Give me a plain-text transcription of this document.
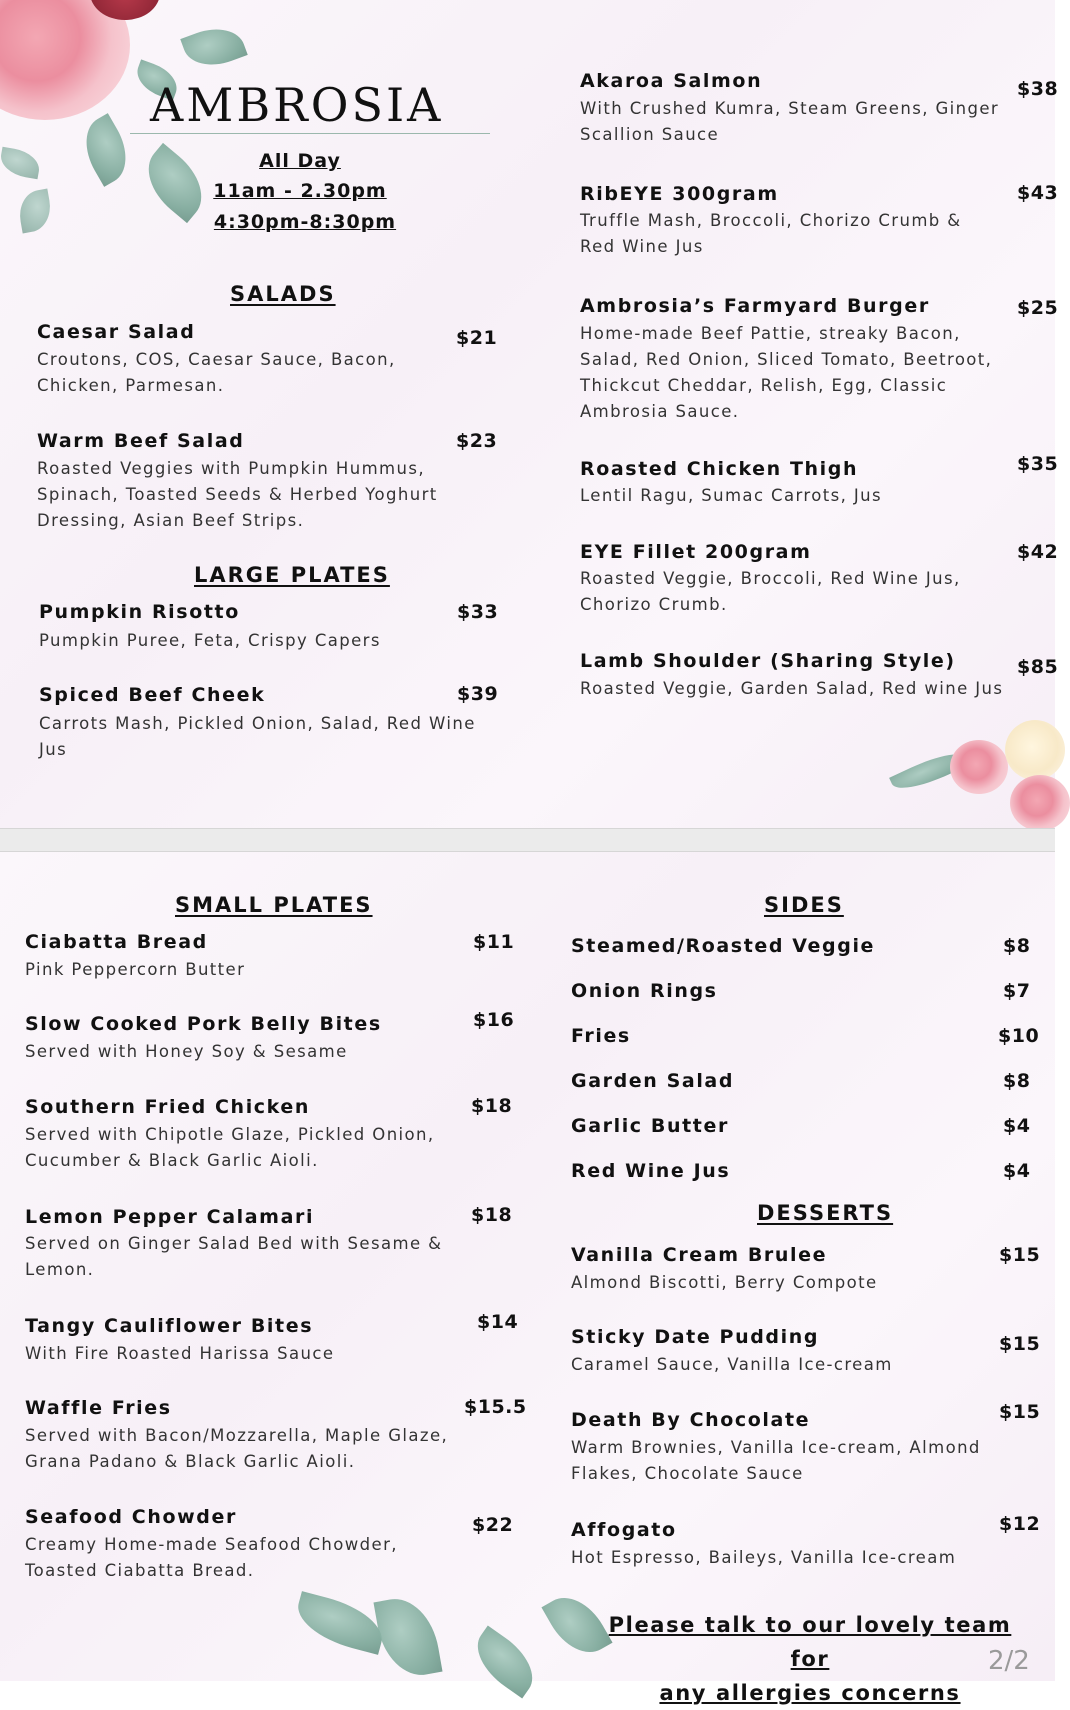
AMBROSIA
All Day
11am - 2.30pm
4:30pm-8:30pm
SALADS
Caesar Salad	$21
Croutons, COS, Caesar Sauce, Bacon, Chicken, Parmesan.
Warm Beef Salad	$23
Roasted Veggies with Pumpkin Hummus, Spinach, Toasted Seeds & Herbed Yoghurt Dressing, Asian Beef Strips.
LARGE PLATES
Pumpkin Risotto	$33
Pumpkin Puree, Feta, Crispy Capers
Spiced Beef Cheek	$39
Carrots Mash, Pickled Onion, Salad, Red Wine Jus
Akaroa Salmon	$38
With Crushed Kumra, Steam Greens, Ginger Scallion Sauce
RibEYE 300gram	$43
Truffle Mash, Broccoli, Chorizo Crumb & Red Wine Jus
Ambrosia’s Farmyard Burger	$25
Home-made Beef Pattie, streaky Bacon, Salad, Red Onion, Sliced Tomato, Beetroot, Thickcut Cheddar, Relish, Egg, Classic Ambrosia Sauce.
Roasted Chicken Thigh	$35
Lentil Ragu, Sumac Carrots, Jus
EYE Fillet 200gram	$42
Roasted Veggie, Broccoli, Red Wine Jus, Chorizo Crumb.
Lamb Shoulder (Sharing Style)	$85
Roasted Veggie, Garden Salad, Red wine Jus
SMALL PLATES
Ciabatta Bread	$11
Pink Peppercorn Butter
Slow Cooked Pork Belly Bites	$16
Served with Honey Soy & Sesame
Southern Fried Chicken	$18
Served with Chipotle Glaze, Pickled Onion, Cucumber & Black Garlic Aioli.
Lemon Pepper Calamari	$18
Served on Ginger Salad Bed with Sesame & Lemon.
Tangy Cauliflower Bites	$14
With Fire Roasted Harissa Sauce
Waffle Fries	$15.5
Served with Bacon/Mozzarella, Maple Glaze, Grana Padano & Black Garlic Aioli.
Seafood Chowder	$22
Creamy Home-made Seafood Chowder, Toasted Ciabatta Bread.
SIDES
Steamed/Roasted Veggie	$8
Onion Rings	$7
Fries	$10
Garden Salad	$8
Garlic Butter	$4
Red Wine Jus	$4
DESSERTS
Vanilla Cream Brulee	$15
Almond Biscotti, Berry Compote
Sticky Date Pudding	$15
Caramel Sauce, Vanilla Ice-cream
Death By Chocolate	$15
Warm Brownies, Vanilla Ice-cream, Almond Flakes, Chocolate Sauce
Affogato	$12
Hot Espresso, Baileys, Vanilla Ice-cream
Please talk to our lovely team for
any allergies concerns
2/2
